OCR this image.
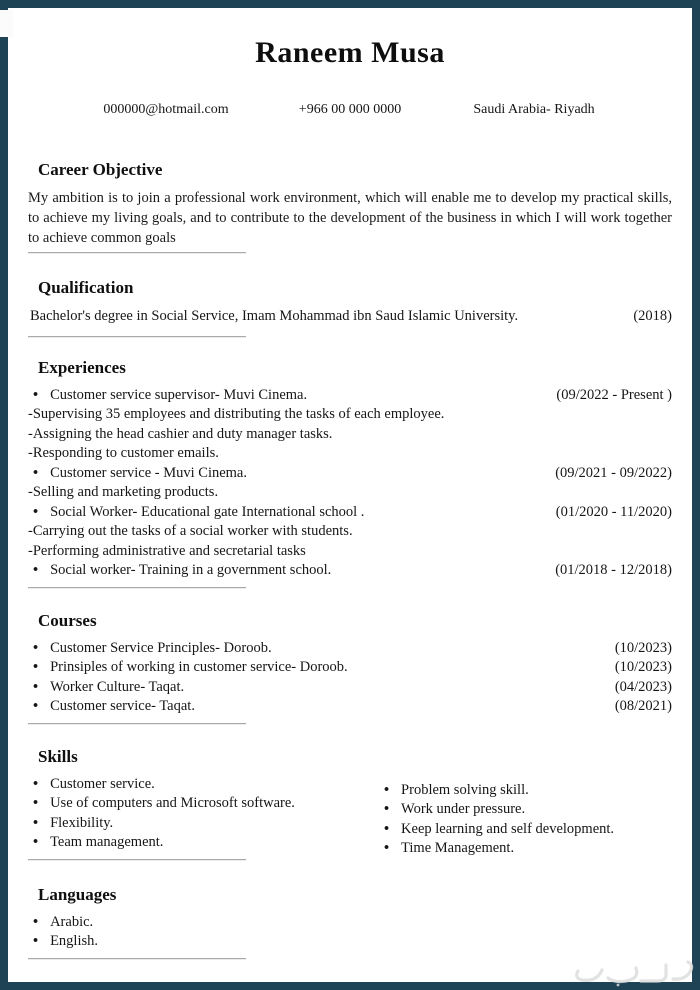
Raneem Musa
000000@hotmail.com	+966 00 000 0000	Saudi Arabia- Riyadh
Career Objective

My ambition is to join a professional work environment, which will enable me to develop my practical skills, to achieve my living goals, and to contribute to the development of the business in which I will work together to achieve common goals

Qualification
Bachelor's degree in Social Service, Imam Mohammad ibn Saud Islamic University.	(2018)
Experiences
•
Customer service supervisor- Muvi Cinema.	(09/2022 - Present )
-Supervising 35 employees and distributing the tasks of each employee.
-Assigning the head cashier and duty manager tasks.
-Responding to customer emails.
•
Customer service - Muvi Cinema.	(09/2021 - 09/2022)
-Selling and marketing products.
•
Social Worker- Educational gate International school .	(01/2020 - 11/2020)
-Carrying out the tasks of a social worker with students.
-Performing administrative and secretarial tasks
•
Social worker- Training in a government school.	(01/2018 - 12/2018)
Courses
•
Customer Service Principles- Doroob.	(10/2023)
•
Prinsiples of working in customer service- Doroob.	(10/2023)
•
Worker Culture- Taqat.	(04/2023)
•
Customer service- Taqat.	(08/2021)
Skills
•
Customer service.
•
Use of computers and Microsoft software.
•
Flexibility.
•
Team management.
•
Problem solving skill.
•
Work under pressure.
•
Keep learning and self development.
•
Time Management.
Languages
•
Arabic.
•
English.
